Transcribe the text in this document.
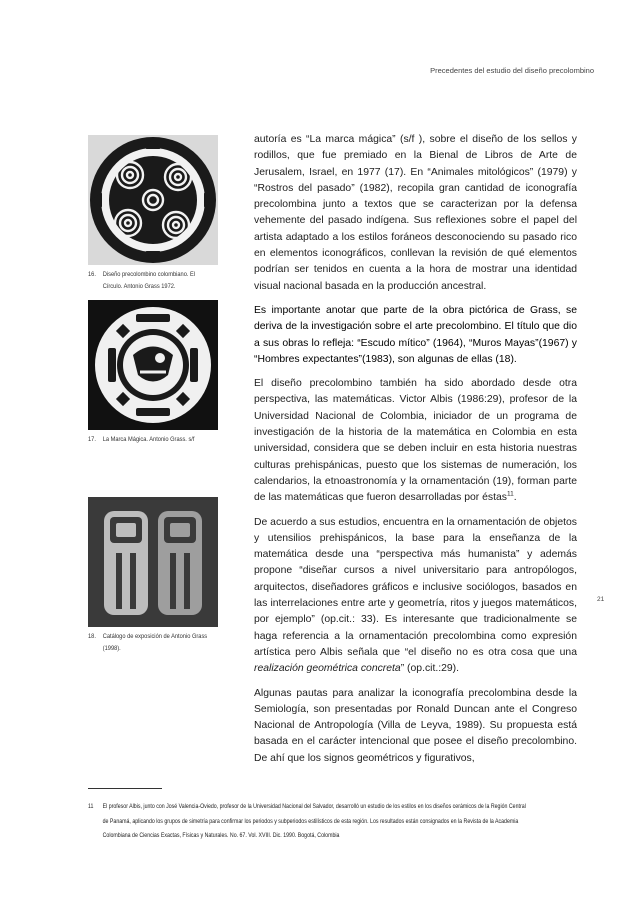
Precedentes del estudio del diseño precolombino
16. Diseño precolombino colombiano. El
Círculo. Antonio Grass 1972.
17. La Marca Mágica. Antonio Grass. s/f
18. Catálogo de exposición de Antonio Grass
(1998).

autoría es “La marca mágica” (s/f ), sobre el diseño de los sellos y rodillos, que fue premiado en la Bienal de Libros de Arte de Jerusalem, Israel, en 1977 (17). En “Animales mitológicos” (1979) y “Rostros del pasado” (1982), recopila gran cantidad de iconografía precolombina junto a textos que se caracterizan por la defensa vehemente del pasado indígena. Sus reflexiones sobre el papel del artista adaptado a los estilos foráneos desconociendo su pasado rico en elementos iconográficos, conllevan la revisión de qué elementos podrían ser tenidos en cuenta a la hora de mostrar una identidad visual nacional basada en la producción ancestral.

Es importante anotar que parte de la obra pictórica de Grass, se deriva de la investigación sobre el arte precolombino. El título que dio a sus obras lo refleja: “Escudo mítico” (1964), “Muros Mayas”(1967) y “Hombres expectantes”(1983), son algunas de ellas (18).

El diseño precolombino también ha sido abordado desde otra perspectiva, las matemáticas. Victor Albis (1986:29), profesor de la Universidad Nacional de Colombia, iniciador de un programa de investigación de la historia de la matemática en Colombia en esta universidad, considera que se deben incluir en esta historia nuestras culturas prehispánicas, puesto que los sistemas de numeración, los calendarios, la etnoastronomía y la ornamentación (19), forman parte de las matemáticas que fueron desarrolladas por éstas$^{11}$.

De acuerdo a sus estudios, encuentra en la ornamentación de objetos y utensilios prehispánicos, la base para la enseñanza de la matemática desde una “perspectiva más humanista” y además propone “diseñar cursos a nivel universitario para antropólogos, arquitectos, diseñadores gráficos e inclusive sociólogos, basados en las interrelaciones entre arte y geometría, ritos y juegos matemáticos, por ejemplo” (op.cit.: 33). Es interesante que tradicionalmente se haga referencia a la ornamentación precolombina como expresión artística pero Albis señala que “el diseño no es otra cosa que una realización geométrica concreta” (op.cit.:29).

Algunas pautas para analizar la iconografía precolombina desde la Semiología, son presentadas por Ronald Duncan ante el Congreso Nacional de Antropología (Villa de Leyva, 1989). Su propuesta está basada en el carácter intencional que posee el diseño precolombino. De ahí que los signos geométricos y figurativos,

21
11 El profesor Albis, junto con José Valencia-Oviedo, profesor de la Universidad Nacional del Salvador, desarrolló un estudio de los estilos en los diseños cerámicos de la Región Central
de Panamá, aplicando los grupos de simetría para confirmar los periodos y subperiodos estilísticos de esta región. Los resultados están consignados en la Revista de la Academia
Colombiana de Ciencias Exactas, Físicas y Naturales. No. 67. Vol. XVIII. Dic. 1990. Bogotá, Colombia
